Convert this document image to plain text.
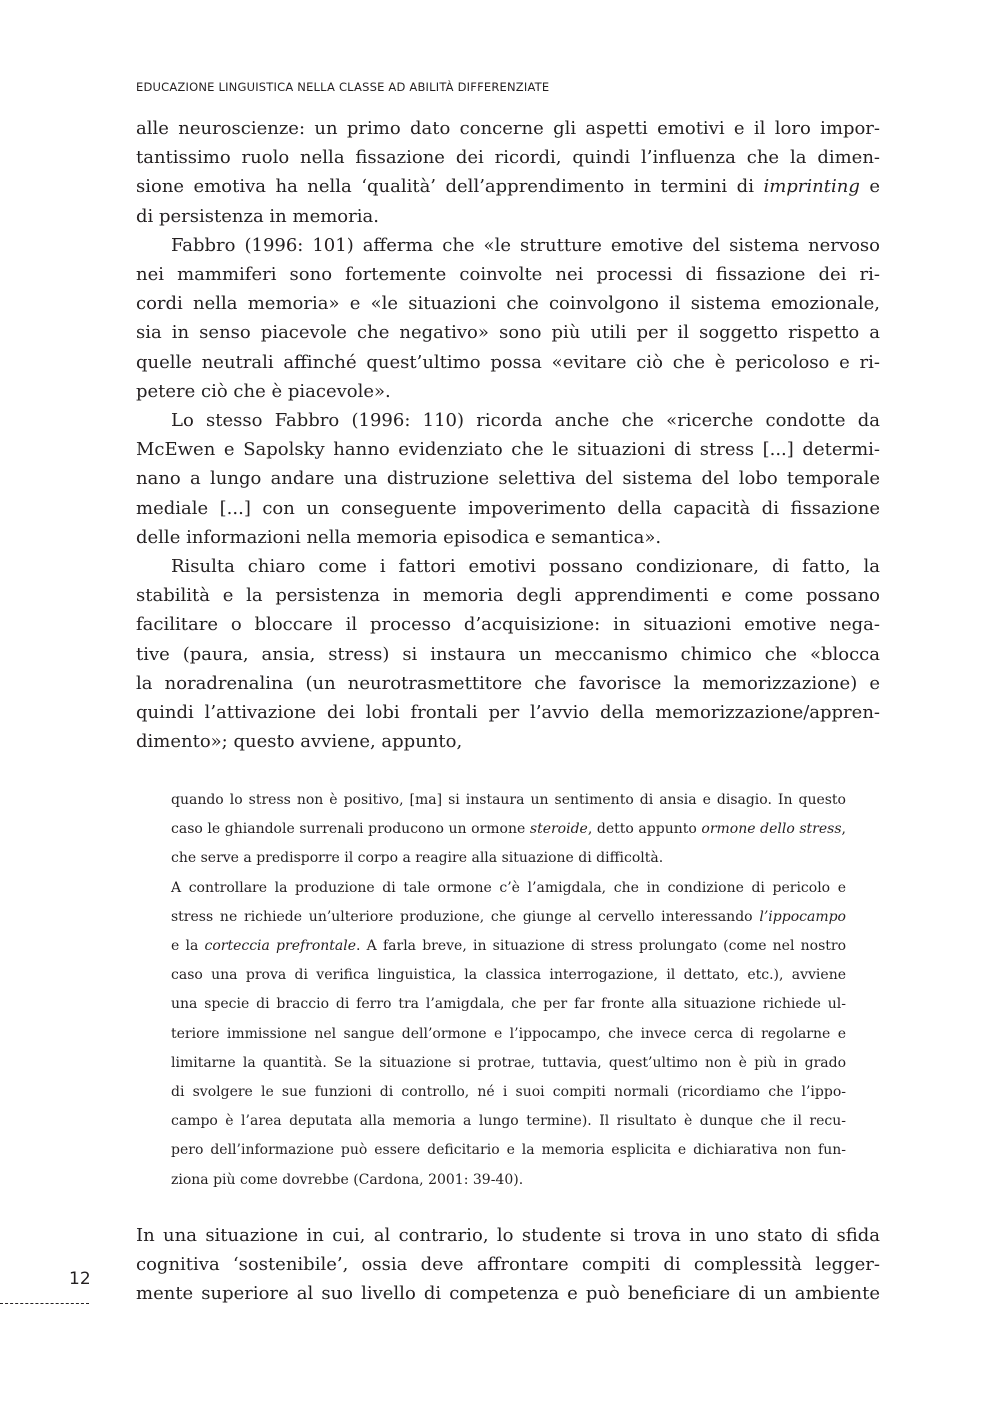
EDUCAZIONE LINGUISTICA NELLA CLASSE AD ABILITÀ DIFFERENZIATE

alle neuroscienze: un primo dato concerne gli aspetti emotivi e il loro impor-

tantissimo ruolo nella fissazione dei ricordi, quindi l’influenza che la dimen-

sione emotiva ha nella ‘qualità’ dell’apprendimento in termini di imprinting e

di persistenza in memoria.

Fabbro (1996: 101) afferma che «le strutture emotive del sistema nervoso

nei mammiferi sono fortemente coinvolte nei processi di fissazione dei ri-

cordi nella memoria» e «le situazioni che coinvolgono il sistema emozionale,

sia in senso piacevole che negativo» sono più utili per il soggetto rispetto a

quelle neutrali affinché quest’ultimo possa «evitare ciò che è pericoloso e ri-

petere ciò che è piacevole».

Lo stesso Fabbro (1996: 110) ricorda anche che «ricerche condotte da

McEwen e Sapolsky hanno evidenziato che le situazioni di stress [...] determi-

nano a lungo andare una distruzione selettiva del sistema del lobo temporale

mediale [...] con un conseguente impoverimento della capacità di fissazione

delle informazioni nella memoria episodica e semantica».

Risulta chiaro come i fattori emotivi possano condizionare, di fatto, la

stabilità e la persistenza in memoria degli apprendimenti e come possano

facilitare o bloccare il processo d’acquisizione: in situazioni emotive nega-

tive (paura, ansia, stress) si instaura un meccanismo chimico che «blocca

la noradrenalina (un neurotrasmettitore che favorisce la memorizzazione) e

quindi l’attivazione dei lobi frontali per l’avvio della memorizzazione/appren-

dimento»; questo avviene, appunto,

quando lo stress non è positivo, [ma] si instaura un sentimento di ansia e disagio. In questo

caso le ghiandole surrenali producono un ormone steroide, detto appunto ormone dello stress,

che serve a predisporre il corpo a reagire alla situazione di difficoltà.

A controllare la produzione di tale ormone c’è l’amigdala, che in condizione di pericolo e

stress ne richiede un’ulteriore produzione, che giunge al cervello interessando l’ippocampo

e la corteccia prefrontale. A farla breve, in situazione di stress prolungato (come nel nostro

caso una prova di verifica linguistica, la classica interrogazione, il dettato, etc.), avviene

una specie di braccio di ferro tra l’amigdala, che per far fronte alla situazione richiede ul-

teriore immissione nel sangue dell’ormone e l’ippocampo, che invece cerca di regolarne e

limitarne la quantità. Se la situazione si protrae, tuttavia, quest’ultimo non è più in grado

di svolgere le sue funzioni di controllo, né i suoi compiti normali (ricordiamo che l’ippo-

campo è l’area deputata alla memoria a lungo termine). Il risultato è dunque che il recu-

pero dell’informazione può essere deficitario e la memoria esplicita e dichiarativa non fun-

ziona più come dovrebbe (Cardona, 2001: 39-40).

In una situazione in cui, al contrario, lo studente si trova in uno stato di sfida

cognitiva ‘sostenibile’, ossia deve affrontare compiti di complessità legger-

mente superiore al suo livello di competenza e può beneficiare di un ambiente

12
